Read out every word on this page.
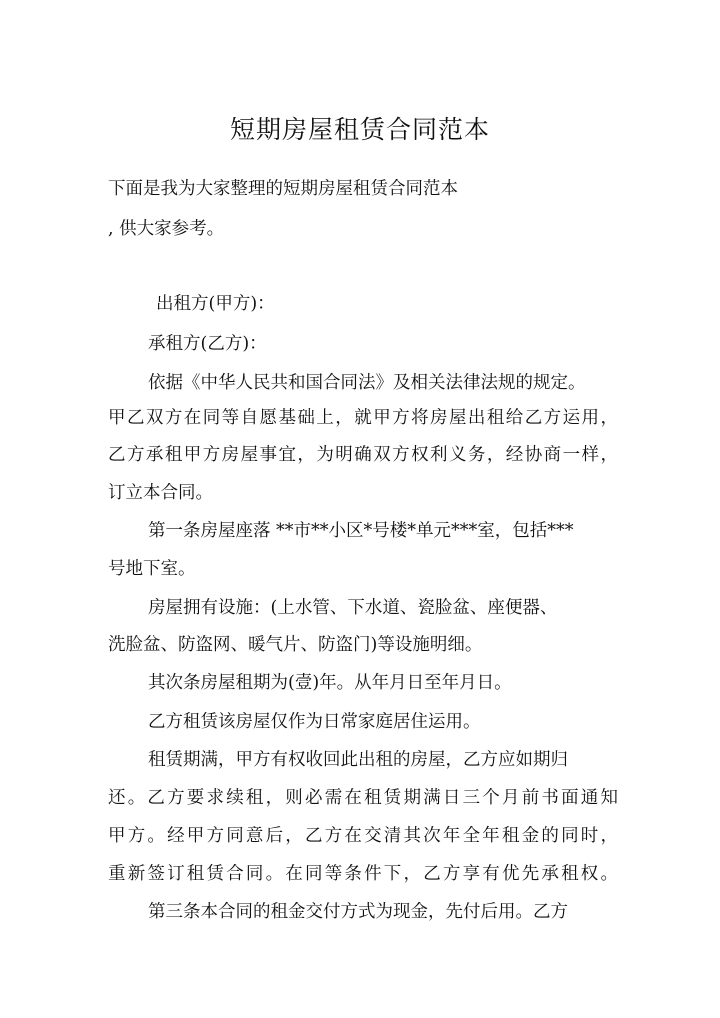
短期房屋租赁合同范本
下面是我为大家整理的短期房屋租赁合同范本
, 供大家参考。
出租方(甲方)：
承租方(乙方)：
依据《中华人民共和国合同法》及相关法律法规的规定。
甲乙双方在同等自愿基础上，就甲方将房屋出租给乙方运用，
乙方承租甲方房屋事宜，为明确双方权利义务，经协商一样，
订立本合同。
第一条房屋座落 **市**小区*号楼*单元***室，包括***
号地下室。
房屋拥有设施：(上水管、下水道、瓷脸盆、座便器、
洗脸盆、防盗网、暖气片、防盗门)等设施明细。
其次条房屋租期为(壹)年。从年月日至年月日。
乙方租赁该房屋仅作为日常家庭居住运用。
租赁期满，甲方有权收回此出租的房屋，乙方应如期归
还。乙方要求续租，则必需在租赁期满日三个月前书面通知
甲方。经甲方同意后，乙方在交清其次年全年租金的同时，
重新签订租赁合同。在同等条件下，乙方享有优先承租权。
第三条本合同的租金交付方式为现金，先付后用。乙方
